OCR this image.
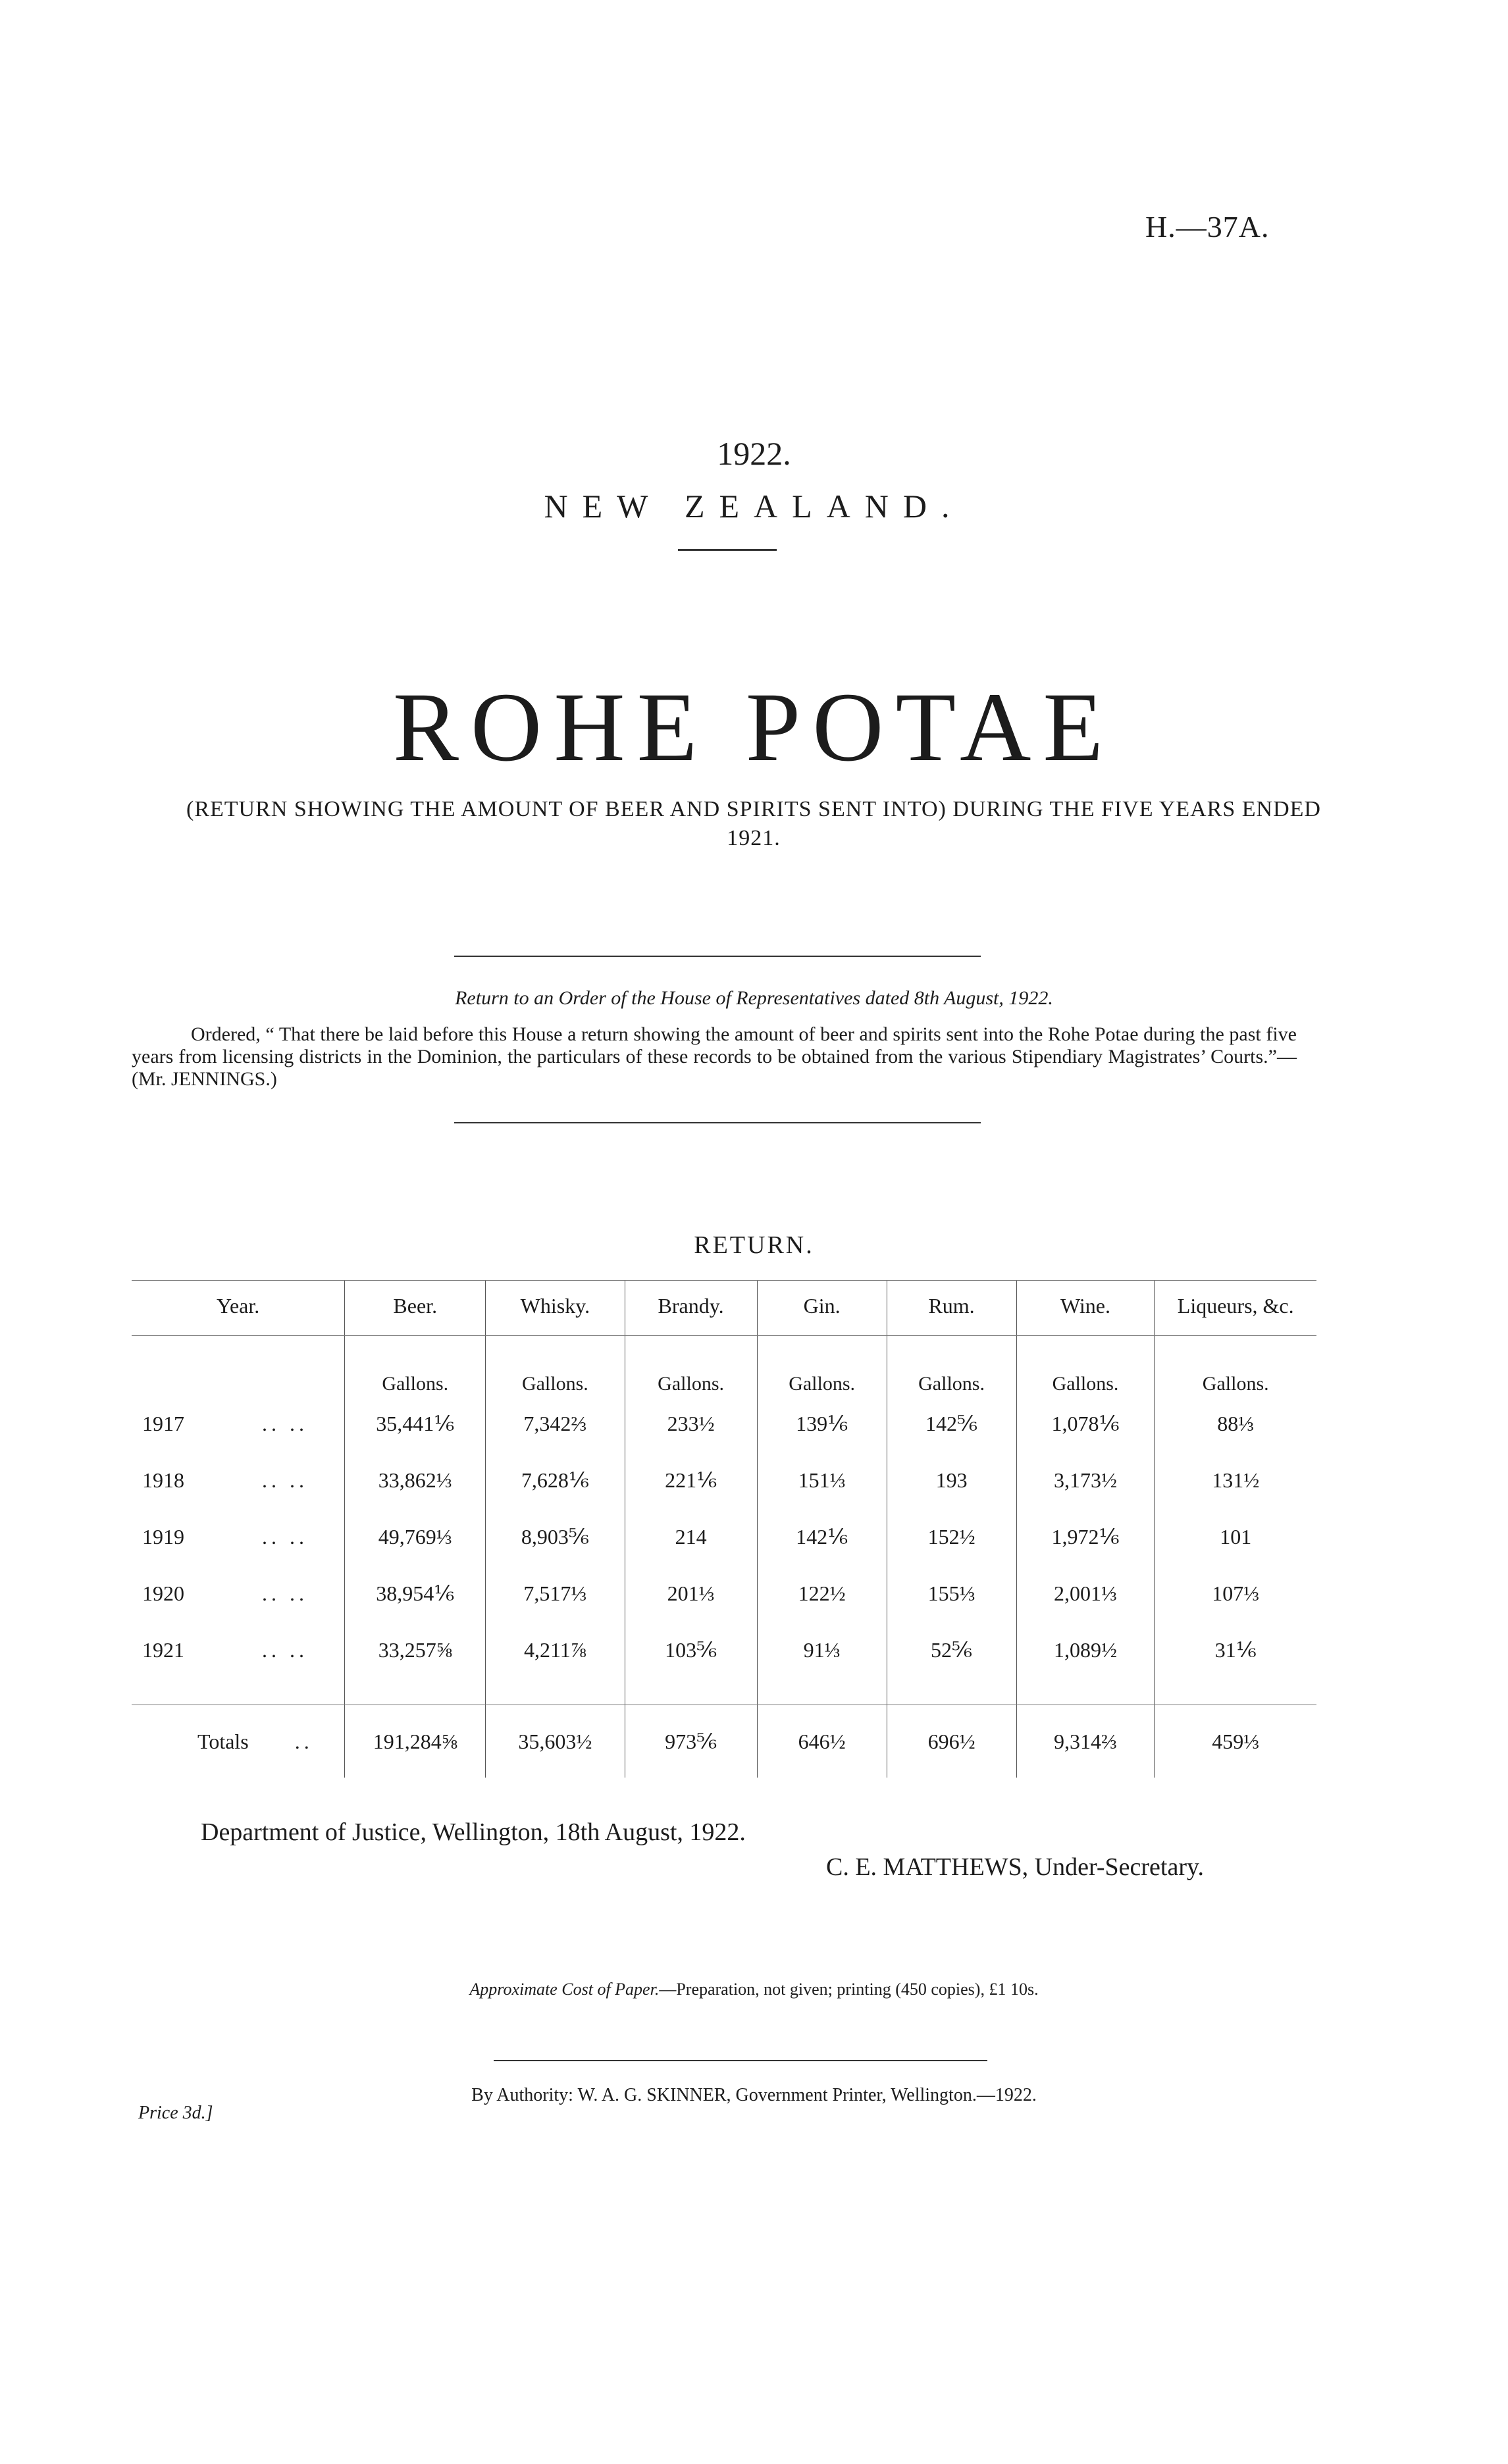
H.—37A.
1922.
NEW ZEALAND.
ROHE POTAE
(RETURN SHOWING THE AMOUNT OF BEER AND SPIRITS SENT INTO) DURING THE FIVE YEARS ENDED 1921.
Return to an Order of the House of Representatives dated 8th August, 1922.
Ordered, “ That there be laid before this House a return showing the amount of beer and spirits sent into the Rohe Potae during the past five years from licensing districts in the Dominion, the particulars of these records to be obtained from the various Stipendiary Magistrates’ Courts.”—(Mr. JENNINGS.)
RETURN.
Year.	Beer.	Whisky.	Brandy.	Gin.	Rum.	Wine.	Liqueurs, &c.
	Gallons.	Gallons.	Gallons.	Gallons.	Gallons.	Gallons.	Gallons.
1917 .. ..	35,441⅙	7,342⅔	233½	139⅙	142⅚	1,078⅙	88⅓
1918 .. ..	33,862⅓	7,628⅙	221⅙	151⅓	193	3,173½	131½
1919 .. ..	49,769⅓	8,903⅚	214	142⅙	152½	1,972⅙	101
1920 .. ..	38,954⅙	7,517⅓	201⅓	122½	155⅓	2,001⅓	107⅓
1921 .. ..	33,257⅝	4,211⅞	103⅚	91⅓	52⅚	1,089½	31⅙

Totals ..	191,284⅝	35,603½	973⅚	646½	696½	9,314⅔	459⅓
Department of Justice, Wellington, 18th August, 1922.
C. E. MATTHEWS, Under-Secretary.
Approximate Cost of Paper.—Preparation, not given; printing (450 copies), £1 10s.
By Authority: W. A. G. SKINNER, Government Printer, Wellington.—1922.
Price 3d.]
